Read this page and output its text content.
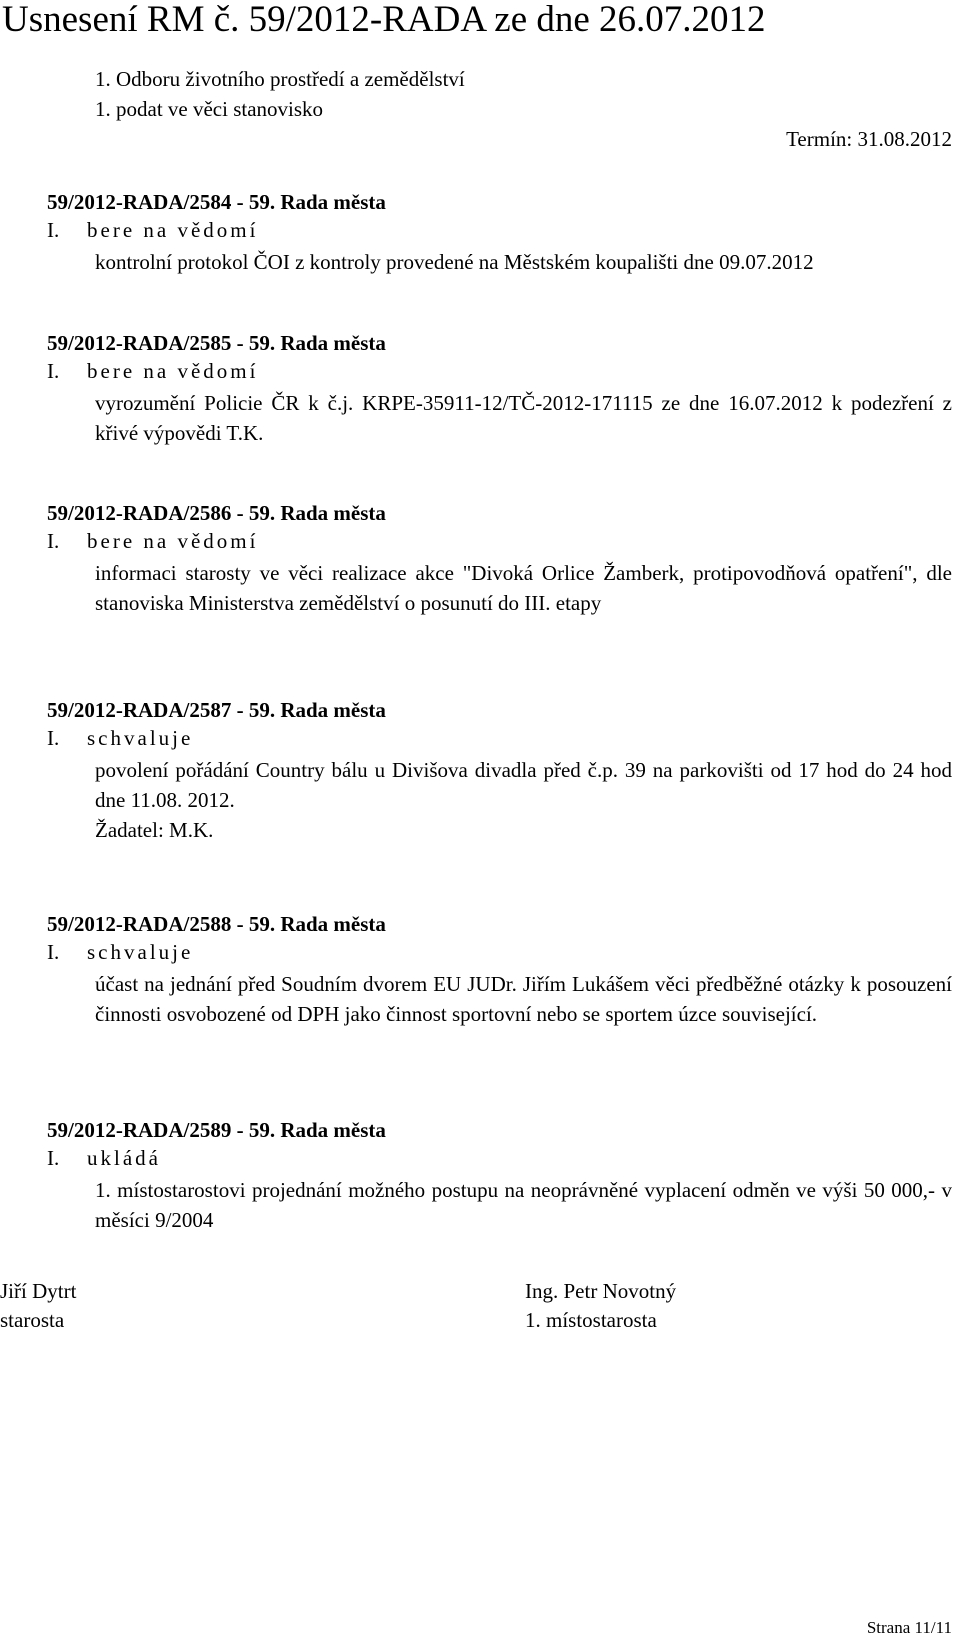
Usnesení RM č. 59/2012-RADA ze dne 26.07.2012
1. Odboru životního prostředí a zemědělství
1. podat ve věci stanovisko
Termín: 31.08.2012
59/2012-RADA/2584 - 59. Rada města
I. bere na vědomí
kontrolní protokol ČOI z kontroly provedené na Městském koupališti dne 09.07.2012
59/2012-RADA/2585 - 59. Rada města
I. bere na vědomí
vyrozumění Policie ČR k č.j. KRPE-35911-12/TČ-2012-171115 ze dne 16.07.2012 k podezření z křivé výpovědi T.K.
59/2012-RADA/2586 - 59. Rada města
I. bere na vědomí
informaci starosty ve věci realizace akce "Divoká Orlice Žamberk, protipovodňová opatření", dle stanoviska Ministerstva zemědělství o posunutí do III. etapy
59/2012-RADA/2587 - 59. Rada města
I. schvaluje
povolení pořádání Country bálu u Divišova divadla před č.p. 39 na parkovišti od 17 hod do 24 hod dne 11.08. 2012.
Žadatel: M.K.
59/2012-RADA/2588 - 59. Rada města
I. schvaluje
účast na jednání před Soudním dvorem EU JUDr. Jiřím Lukášem věci předběžné otázky k posouzení činnosti osvobozené od DPH jako činnost sportovní nebo se sportem úzce související.
59/2012-RADA/2589 - 59. Rada města
I. ukládá
1. místostarostovi projednání možného postupu na neoprávněné vyplacení odměn ve výši 50 000,- v měsíci 9/2004
Jiří Dytrt
starosta
Ing. Petr Novotný
1. místostarosta
Strana 11/11
